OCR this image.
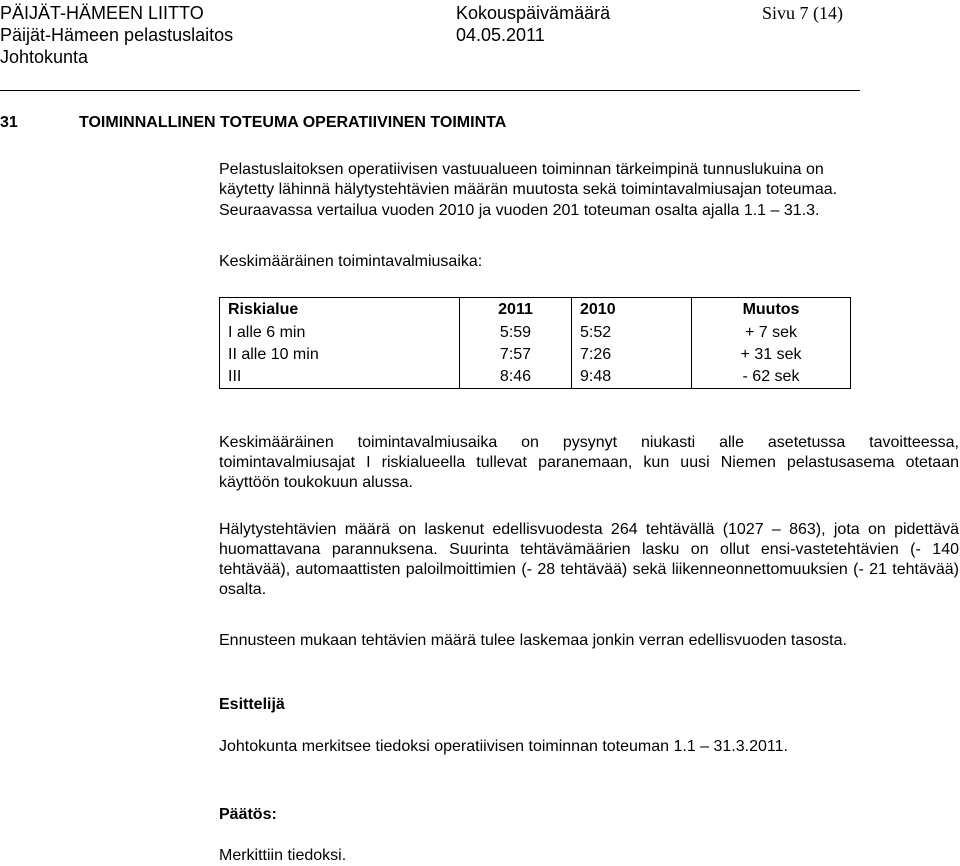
PÄIJÄT-HÄMEEN LIITTO	Kokouspäivämäärä	Sivu 7 (14)
Päijät-Hämeen pelastuslaitos	04.05.2011
Johtokunta
31	TOIMINNALLINEN TOTEUMA OPERATIIVINEN TOIMINTA
Pelastuslaitoksen operatiivisen vastuualueen toiminnan tärkeimpinä tunnuslukuina on
käytetty lähinnä hälytystehtävien määrän muutosta sekä toimintavalmiusajan toteumaa.
Seuraavassa vertailua vuoden 2010 ja vuoden 201 toteuman osalta ajalla 1.1 – 31.3.
Keskimääräinen toimintavalmiusaika:
Riskialue	2011	2010	Muutos
I alle 6 min	5:59	5:52	+ 7 sek
II alle 10 min	7:57	7:26	+ 31 sek
III	8:46	9:48	- 62 sek
Keskimääräinen toimintavalmiusaika on pysynyt niukasti alle asetetussa tavoitteessa, toimintavalmiusajat I riskialueella tullevat paranemaan, kun uusi Niemen pelastusasema otetaan käyttöön toukokuun alussa.
Hälytystehtävien määrä on laskenut edellisvuodesta 264 tehtävällä (1027 – 863), jota on pidettävä huomattavana parannuksena. Suurinta tehtävämäärien lasku on ollut ensi-vastetehtävien (- 140 tehtävää), automaattisten paloilmoittimien (- 28 tehtävää) sekä liikenneonnettomuuksien (- 21 tehtävää) osalta.
Ennusteen mukaan tehtävien määrä tulee laskemaa jonkin verran edellisvuoden tasosta.
Esittelijä
Johtokunta merkitsee tiedoksi operatiivisen toiminnan toteuman 1.1 – 31.3.2011.
Päätös:
Merkittiin tiedoksi.
